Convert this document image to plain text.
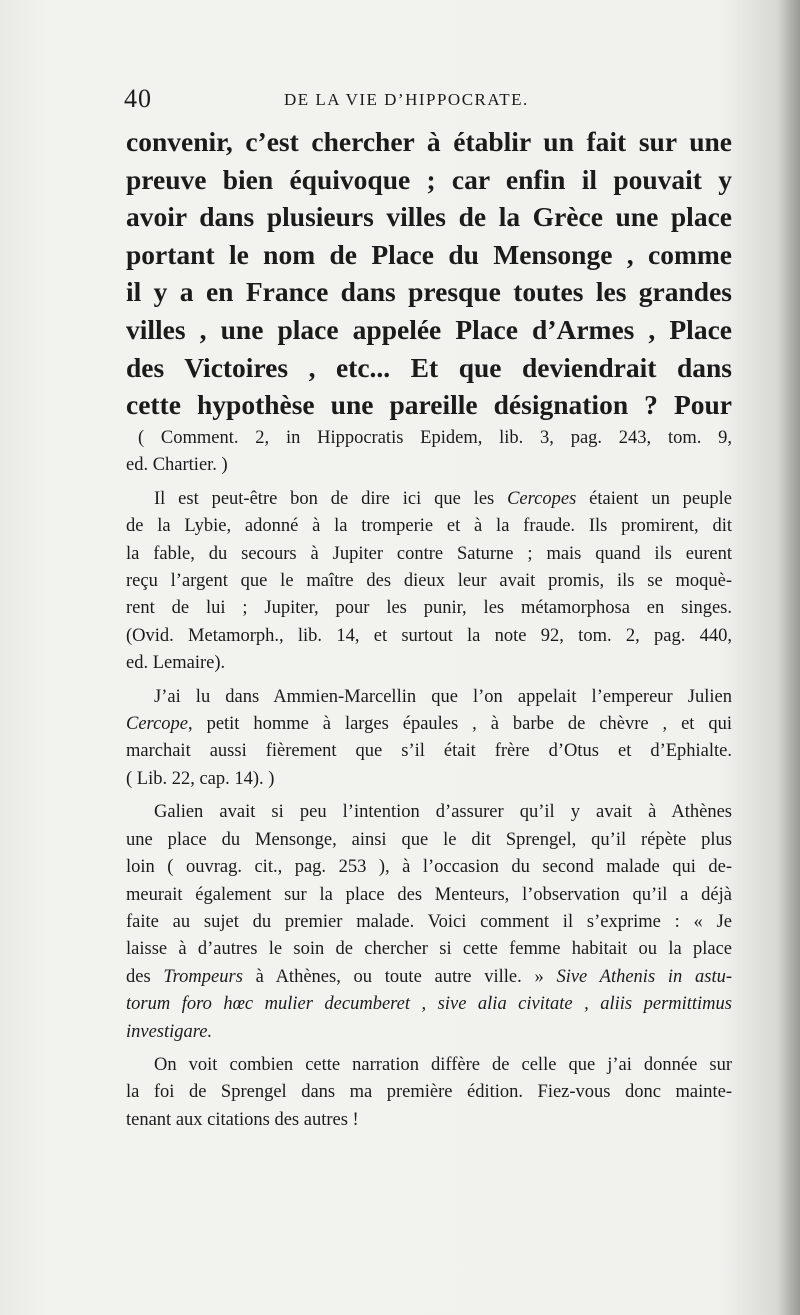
40	DE LA VIE D’HIPPOCRATE.
convenir, c’est chercher à établir un fait sur une
preuve bien équivoque ; car enfin il pouvait y
avoir dans plusieurs villes de la Grèce une place
portant le nom de Place du Mensonge , comme
il y a en France dans presque toutes les grandes
villes , une place appelée Place d’Armes , Place
des Victoires , etc... Et que deviendrait dans
cette hypothèse une pareille désignation ? Pour
( Comment. 2, in Hippocratis Epidem, lib. 3, pag. 243, tom. 9,
ed. Chartier. )
Il est peut-être bon de dire ici que les Cercopes étaient un peuple
de la Lybie, adonné à la tromperie et à la fraude. Ils promirent, dit
la fable, du secours à Jupiter contre Saturne ; mais quand ils eurent
reçu l’argent que le maître des dieux leur avait promis, ils se moquè-
rent de lui ; Jupiter, pour les punir, les métamorphosa en singes.
(Ovid. Metamorph., lib. 14, et surtout la note 92, tom. 2, pag. 440,
ed. Lemaire).
J’ai lu dans Ammien-Marcellin que l’on appelait l’empereur Julien
Cercope, petit homme à larges épaules , à barbe de chèvre , et qui
marchait aussi fièrement que s’il était frère d’Otus et d’Ephialte.
( Lib. 22, cap. 14). )
Galien avait si peu l’intention d’assurer qu’il y avait à Athènes
une place du Mensonge, ainsi que le dit Sprengel, qu’il répète plus
loin ( ouvrag. cit., pag. 253 ), à l’occasion du second malade qui de-
meurait également sur la place des Menteurs, l’observation qu’il a déjà
faite au sujet du premier malade. Voici comment il s’exprime : « Je
laisse à d’autres le soin de chercher si cette femme habitait ou la place
des Trompeurs à Athènes, ou toute autre ville. » Sive Athenis in astu-
torum foro hœc mulier decumberet , sive alia civitate , aliis permittimus
investigare.
On voit combien cette narration diffère de celle que j’ai donnée sur
la foi de Sprengel dans ma première édition. Fiez-vous donc mainte-
tenant aux citations des autres !
